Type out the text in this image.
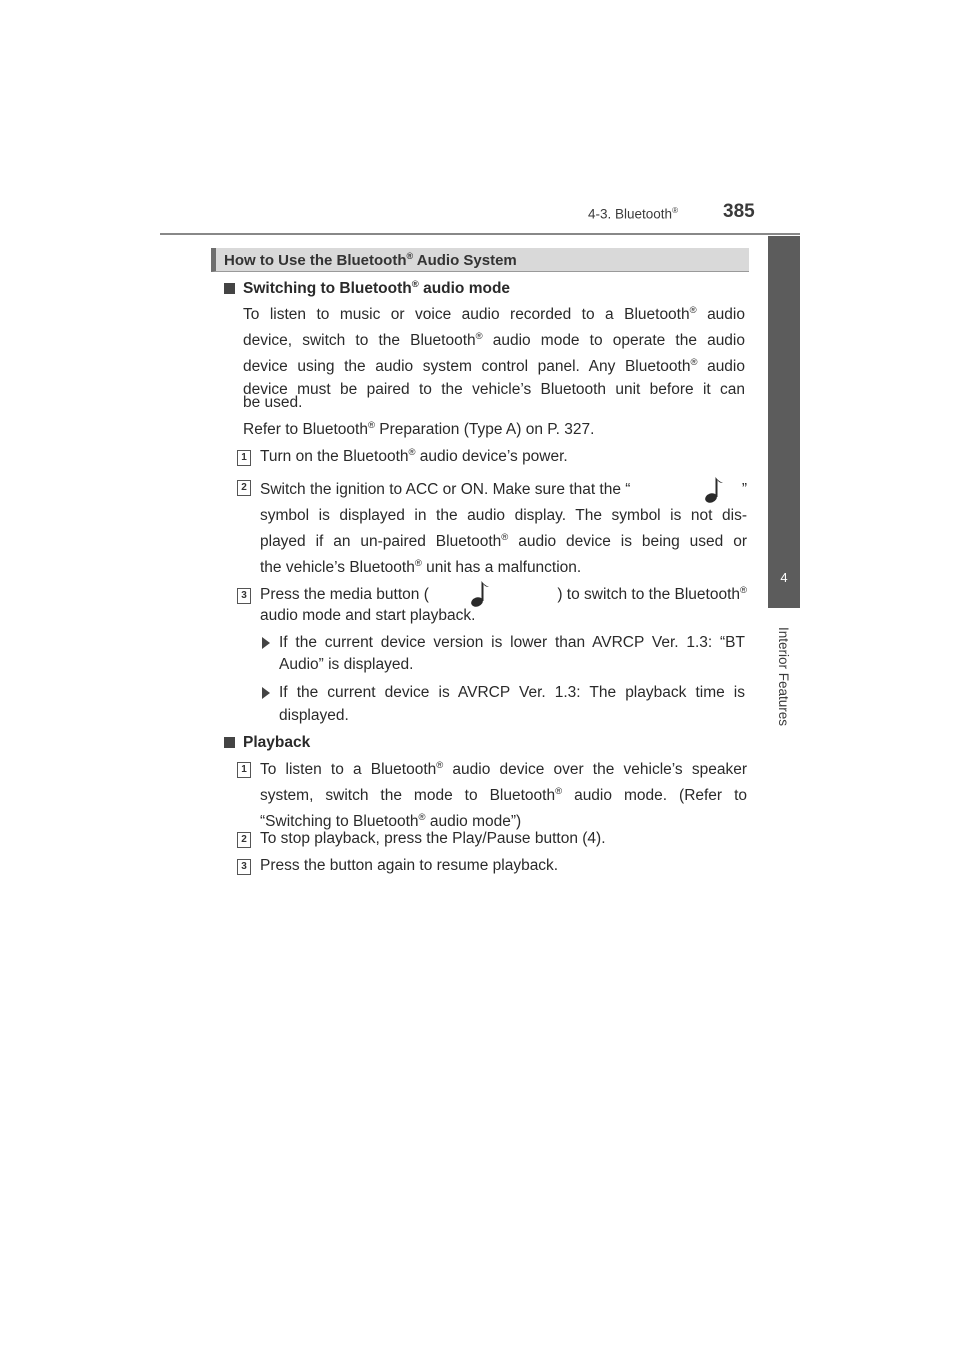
4-3. Bluetooth® 385
4
Interior Features
How to Use the Bluetooth® Audio System
Switching to Bluetooth® audio mode
To listen to music or voice audio recorded to a Bluetooth® audio
device, switch to the Bluetooth® audio mode to operate the audio
device using the audio system control panel. Any Bluetooth® audio
device must be paired to the vehicle’s Bluetooth unit before it can
be used.
Refer to Bluetooth® Preparation (Type A) on P. 327.
1 Turn on the Bluetooth® audio device’s power.
2 Switch the ignition to ACC or ON. Make sure that the “	”
symbol is displayed in the audio display. The symbol is not dis-
played if an un-paired Bluetooth® audio device is being used or
the vehicle’s Bluetooth® unit has a malfunction.
3 Press the media button (	) to switch to the Bluetooth®
audio mode and start playback.
If the current device version is lower than AVRCP Ver. 1.3: “BT
Audio” is displayed.
If the current device is AVRCP Ver. 1.3: The playback time is
displayed.
Playback
1 To listen to a Bluetooth® audio device over the vehicle’s speaker
system, switch the mode to Bluetooth® audio mode. (Refer to
“Switching to Bluetooth® audio mode”)
2 To stop playback, press the Play/Pause button (4).
3 Press the button again to resume playback.
